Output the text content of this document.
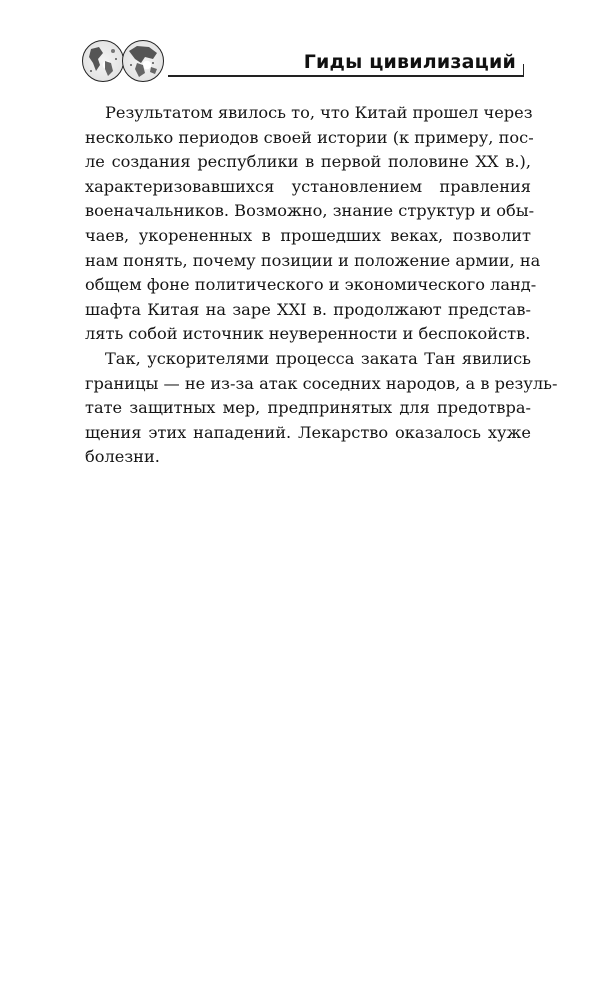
Гиды цивилизаций
Результатом явилось то, что Китай прошел через
несколько периодов своей истории (к примеру, пос-
ле создания республики в первой половине XX в.),
характеризовавшихся установлением правления
военачальников. Возможно, знание структур и обы-
чаев, укорененных в прошедших веках, позволит
нам понять, почему позиции и положение армии, на
общем фоне политического и экономического ланд-
шафта Китая на заре XXI в. продолжают представ-
лять собой источник неуверенности и беспокойств.
Так, ускорителями процесса заката Тан явились
границы — не из-за атак соседних народов, а в резуль-
тате защитных мер, предпринятых для предотвра-
щения этих нападений. Лекарство оказалось хуже
болезни.
